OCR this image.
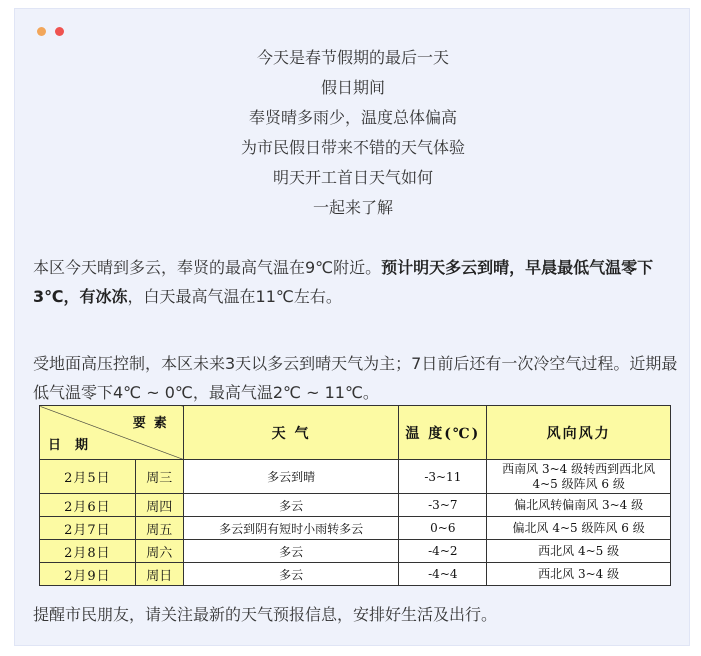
今天是春节假期的最后一天
假日期间
奉贤晴多雨少，温度总体偏高
为市民假日带来不错的天气体验
明天开工首日天气如何
一起来了解
本区今天晴到多云，奉贤的最高气温在9℃附近。预计明天多云到晴，早晨最低气温零下3℃，有冰冻，白天最高气温在11℃左右。
受地面高压控制，本区未来3天以多云到晴天气为主；7日前后还有一次冷空气过程。近期最低气温零下4℃ ~ 0℃，最高气温2℃ ~ 11℃。
要素
日期		天 气	温 度(℃)	风向风力
2月5日	周三	多云到晴	-3~11	西南风 3~4 级转西到西北风 4~5 级阵风 6 级
2月6日	周四	多云	-3~7	偏北风转偏南风 3~4 级
2月7日	周五	多云到阴有短时小雨转多云	0~6	偏北风 4~5 级阵风 6 级
2月8日	周六	多云	-4~2	西北风 4~5 级
2月9日	周日	多云	-4~4	西北风 3~4 级
提醒市民朋友，请关注最新的天气预报信息，安排好生活及出行。
